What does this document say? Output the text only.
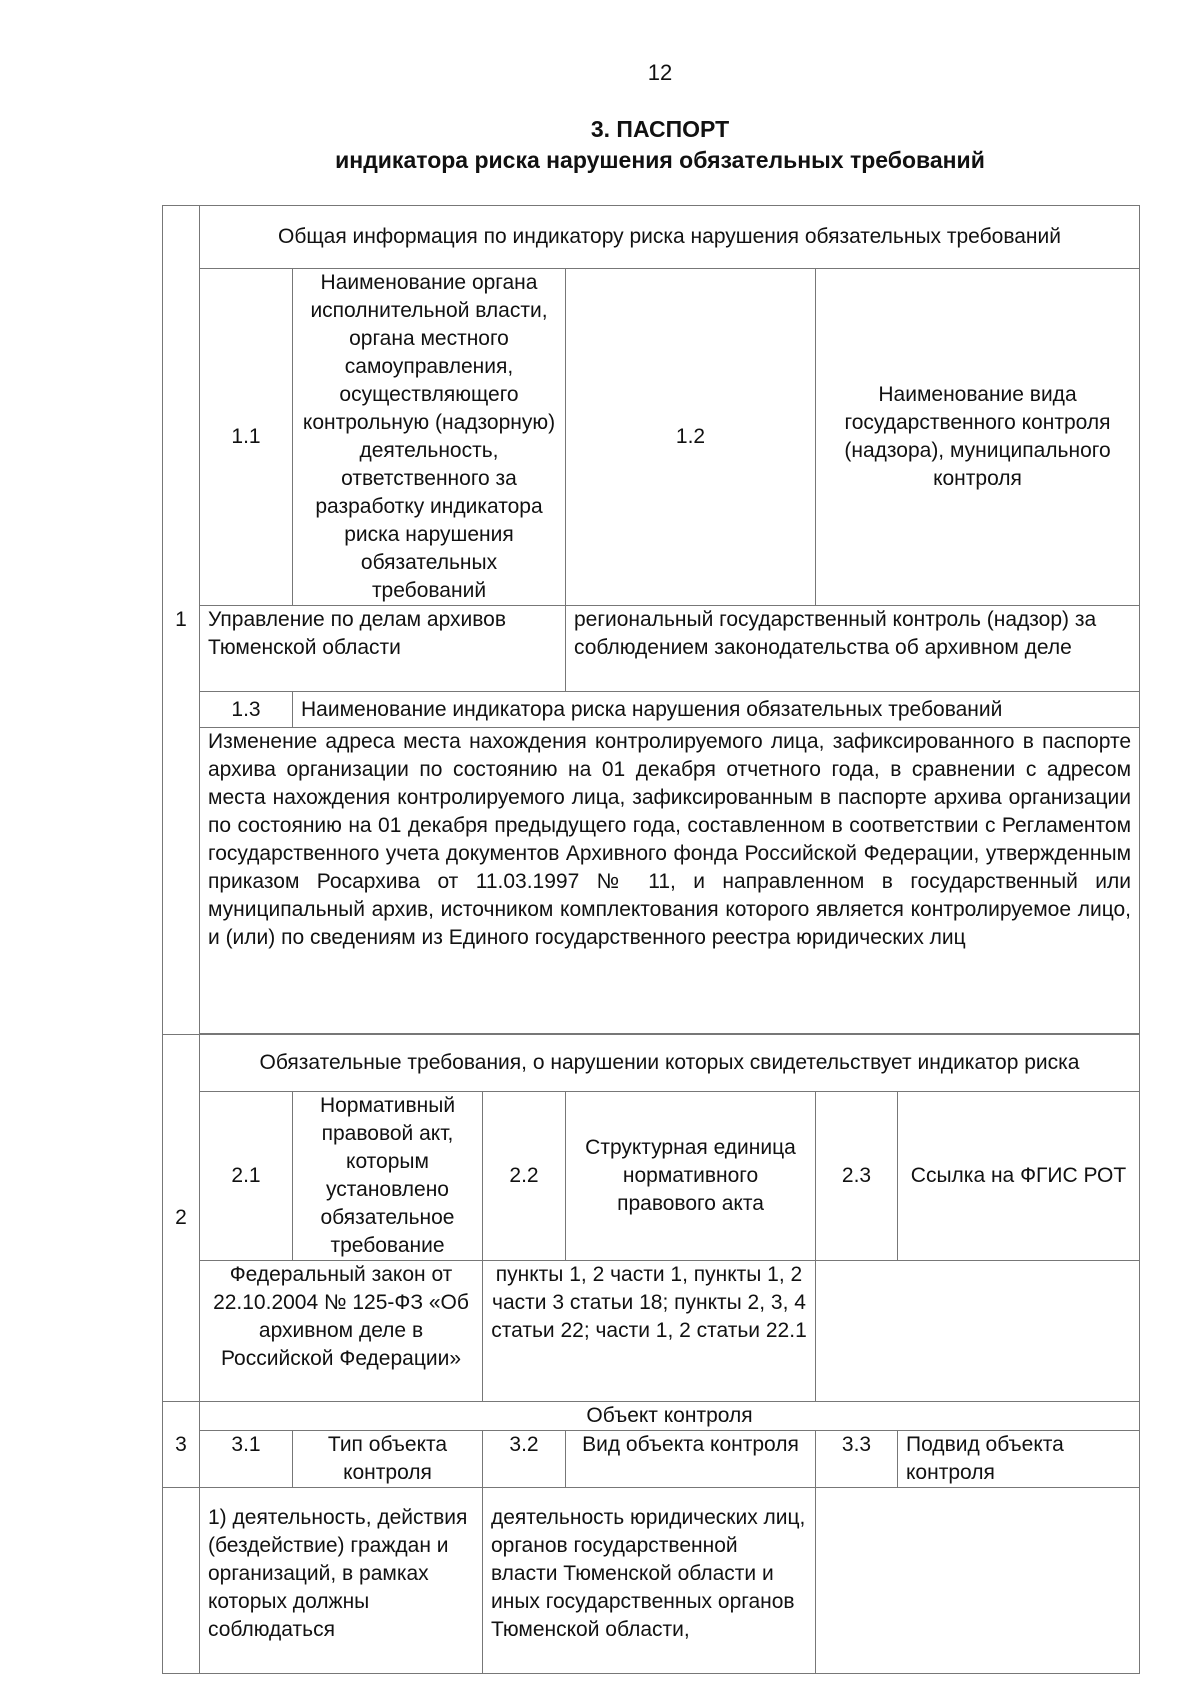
12
3. ПАСПОРТ
индикатора риска нарушения обязательных требований
1	Общая информация по индикатору риска нарушения обязательных требований					
	1.1	Наименование органа исполнительной власти, органа местного самоуправления, осуществляющего контрольную (надзорную) деятельность, ответственного за разработку индикатора риска нарушения обязательных требований		1.2	Наименование вида государственного контроля (надзора), муниципального контроля	
	Управление по делам архивов Тюменской области			региональный государственный контроль (надзор) за соблюдением законодательства об архивном деле		
	1.3	Наименование индикатора риска нарушения обязательных требований				
	Изменение адреса места нахождения контролируемого лица, зафиксированного в паспорте архива организации по состоянию на 01 декабря отчетного года, в сравнении с адресом места нахождения контролируемого лица, зафиксированным в паспорте архива организации по состоянию на 01 декабря предыдущего года, составленном в соответствии с Регламентом государственного учета документов Архивного фонда Российской Федерации, утвержденным приказом Росархива от 11.03.1997 № 11, и направленном в государственный или муниципальный архив, источником комплектования которого является контролируемое лицо, и (или) по сведениям из Единого государственного реестра юридических лиц					

2	Обязательные требования, о нарушении которых свидетельствует индикатор риска					
	2.1	Нормативный правовой акт, которым установлено обязательное требование	2.2	Структурная единица нормативного правового акта	2.3	Ссылка на ФГИС РОТ
	Федеральный закон от 22.10.2004 № 125-ФЗ «Об архивном деле в Российской Федерации»		пункты 1, 2 части 1, пункты 1, 2 части 3 статьи 18; пункты 2, 3, 4 статьи 22; части 1, 2 статьи 22.1			
3	Объект контроля					
	3.1	Тип объекта контроля	3.2	Вид объекта контроля	3.3	Подвид объекта контроля
	1) деятельность, действия (бездействие) граждан и организаций, в рамках которых должны соблюдаться		деятельность юридических лиц, органов государственной власти Тюменской области и иных государственных органов Тюменской области,			
